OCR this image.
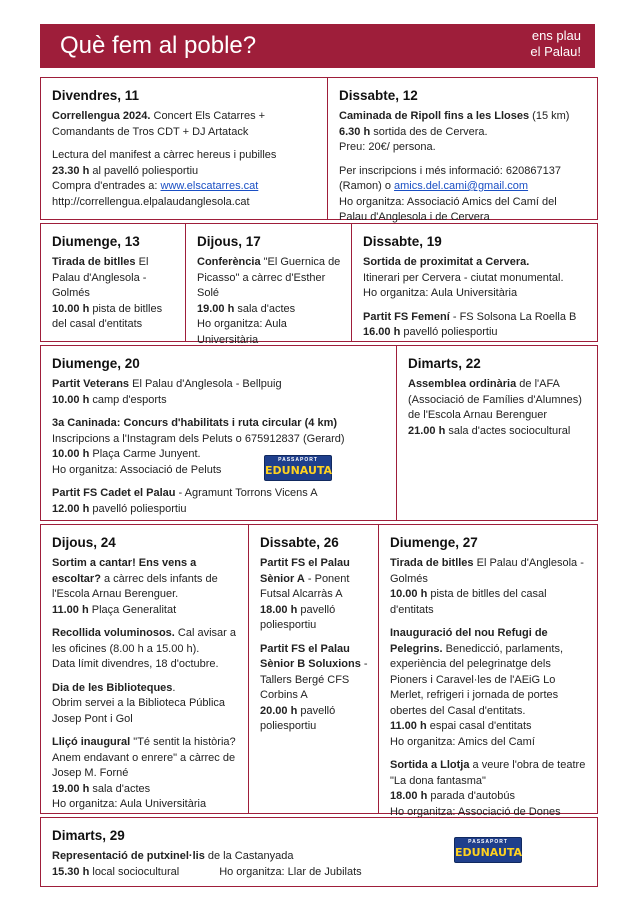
Què fem al poble?	ens plau
el Palau!
Divendres, 11

Correllengua 2024. Concert Els Catarres + Comandants de Tros CDT + DJ Artatack

Lectura del manifest a càrrec hereus i pubilles
23.30 h al pavelló poliesportiu
Compra d'entrades a: www.elscatarres.cat
http://correllengua.elpalaudanglesola.cat
Dissabte, 12
Caminada de Ripoll fins a les Lloses (15 km)
6.30 h sortida des de Cervera.

Preu: 20€/ persona.

Per inscripcions i més informació: 620867137 (Ramon) o amics.del.cami@gmail.com
Ho organitza: Associació Amics del Camí del Palau d'Anglesola i de Cervera
Diumenge, 13
Tirada de bitlles El Palau d'Anglesola - Golmés
10.00 h pista de bitlles del casal d'entitats
Dijous, 17
Conferència "El Guernica de Picasso" a càrrec d'Esther Solé
19.00 h sala d'actes
Ho organitza: Aula Universitària
Dissabte, 19
Sortida de proximitat a Cervera.
Itinerari per Cervera - ciutat monumental.

Ho organitza: Aula Universitària

Partit FS Femení - FS Solsona La Roella B
16.00 h pavelló poliesportiu
Diumenge, 20
Partit Veterans El Palau d'Anglesola - Bellpuig

10.00 h camp d'esports

3a Caninada: Concurs d'habilitats i ruta circular (4 km)
Inscripcions a l'Instagram dels Peluts o 675912837 (Gerard)
10.00 h Plaça Carme Junyent.

Ho organitza: Associació de Peluts

Partit FS Cadet el Palau - Agramunt Torrons Vicens A
12.00 h pavelló poliesportiu
PASSAPORT
EDUNAUTA
Dimarts, 22
Assemblea ordinària de l'AFA (Associació de Famílies d'Alumnes) de l'Escola Arnau Berenguer
21.00 h sala d'actes sociocultural
Dijous, 24
Sortim a cantar! Ens vens a escoltar? a càrrec dels infants de l'Escola Arnau Berenguer.

11.00 h Plaça Generalitat

Recollida voluminosos. Cal avisar a les oficines (8.00 h a 15.00 h).

Data límit divendres, 18 d'octubre.

Dia de les Biblioteques.

Obrim servei a la Biblioteca Pública Josep Pont i Gol

Lliçó inaugural "Té sentit la història? Anem endavant o enrere" a càrrec de Josep M. Forné
19.00 h sala d'actes
Ho organitza: Aula Universitària
Dissabte, 26
Partit FS el Palau Sènior A - Ponent Futsal Alcarràs A

18.00 h pavelló poliesportiu

Partit FS el Palau Sènior B Soluxions - Tallers Bergé CFS Corbins A
20.00 h pavelló poliesportiu
Diumenge, 27
Tirada de bitlles El Palau d'Anglesola - Golmés

10.00 h pista de bitlles del casal d'entitats

Inauguració del nou Refugi de Pelegrins. Benedicció, parlaments, experiència del pelegrinatge dels Pioners i Caravel·les de l'AEiG Lo Merlet, refrigeri i jornada de portes obertes del Casal d'entitats.
11.00 h espai casal d'entitats

Ho organitza: Amics del Camí

Sortida a Llotja a veure l'obra de teatre "La dona fantasma"
18.00 h parada d'autobús
Ho organitza: Associació de Dones
Dimarts, 29
Representació de putxinel·lis de la Castanyada
15.30 h local sociocultural	Ho organitza: Llar de Jubilats
PASSAPORT
EDUNAUTA
